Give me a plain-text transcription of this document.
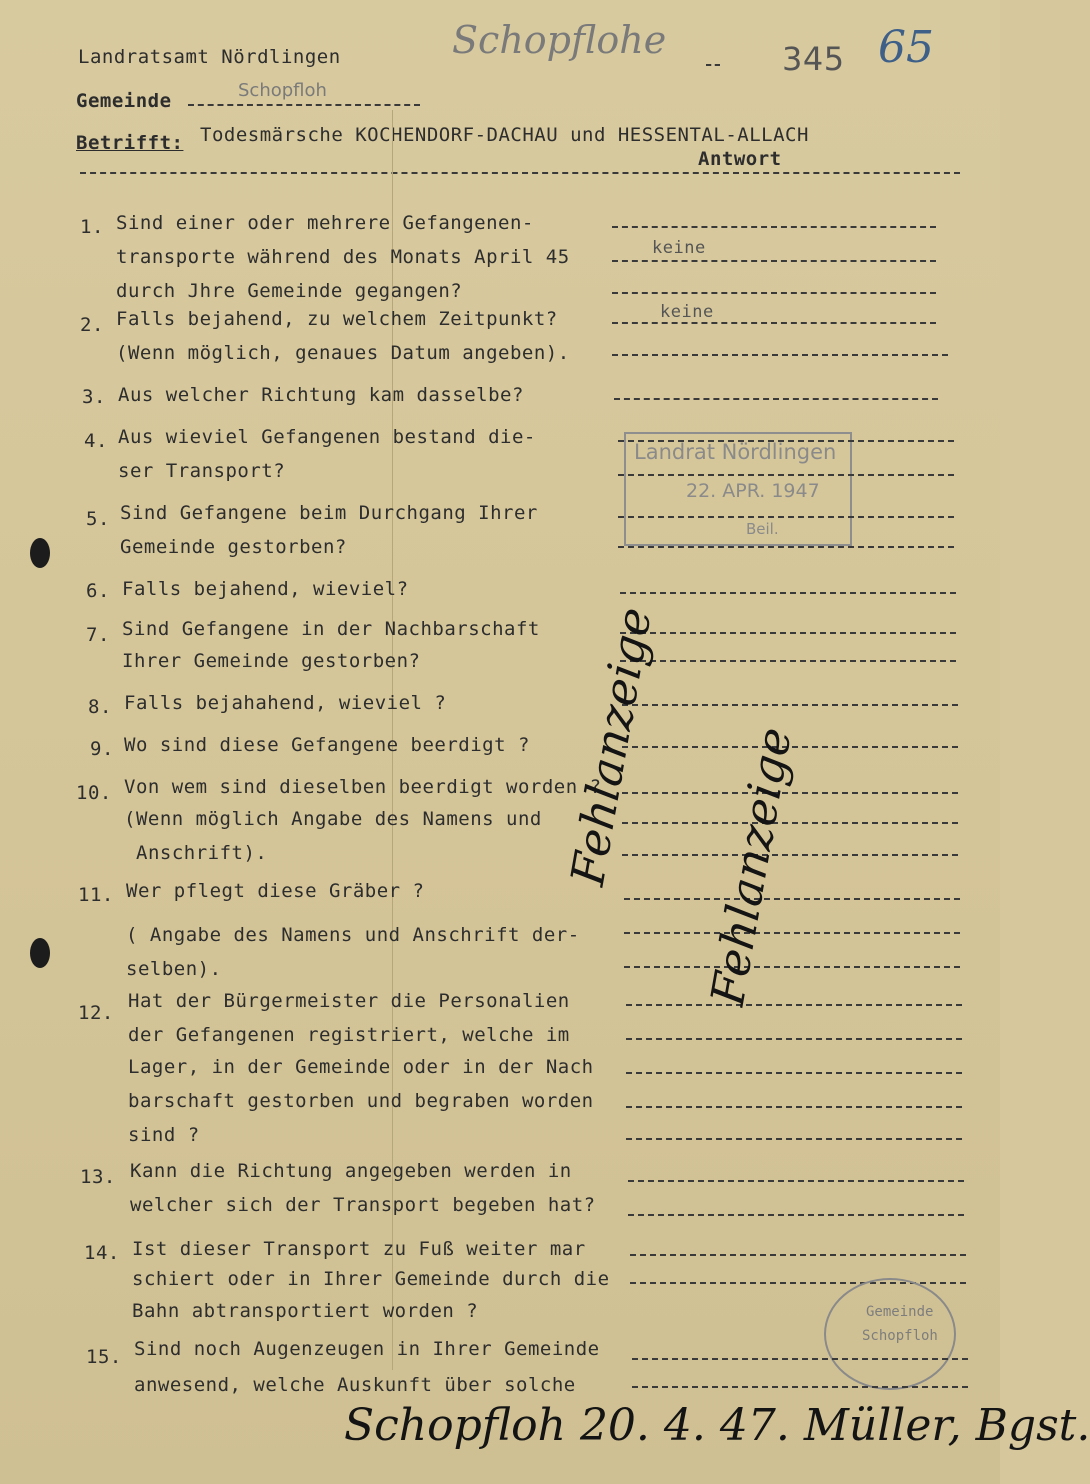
Landratsamt Nördlingen	Schopflohe	345 65
Gemeinde	Schopfloh
Betrifft: Todesmärsche KOCHENDORF-DACHAU und HESSENTAL-ALLACH
Antwort
1. Sind einer oder mehrere Gefangenen-
transporte während des Monats April 45
durch Jhre Gemeinde gegangen?
keine
2. Falls bejahend, zu welchem Zeitpunkt?
(Wenn möglich, genaues Datum angeben).
keine
3. Aus welcher Richtung kam dasselbe?
4. Aus wieviel Gefangenen bestand die-
ser Transport?
Landrat Nördlingen
22. APR. 1947
Beil.
5. Sind Gefangene beim Durchgang Ihrer
Gemeinde gestorben?
6. Falls bejahend, wieviel?
7. Sind Gefangene in der Nachbarschaft
Ihrer Gemeinde gestorben?
8. Falls bejahahend, wieviel ?
9. Wo sind diese Gefangene beerdigt ?
10. Von wem sind dieselben beerdigt worden ?
(Wenn möglich Angabe des Namens und
Anschrift).
11. Wer pflegt diese Gräber ?
( Angabe des Namens und Anschrift der-
selben).
12.
Hat der Bürgermeister die Personalien
der Gefangenen registriert, welche im
Lager, in der Gemeinde oder in der Nach
barschaft gestorben und begraben worden
sind ?
Fehlanzeige Fehlanzeige
13. Kann die Richtung angegeben werden in
welcher sich der Transport begeben hat?
14. Ist dieser Transport zu Fuß weiter mar
schiert oder in Ihrer Gemeinde durch die
Bahn abtransportiert worden ?	Gemeinde
Schopfloh
15. Sind noch Augenzeugen in Ihrer Gemeinde
anwesend, welche Auskunft über solche
Schopfloh 20. 4. 47. Müller, Bgst.
